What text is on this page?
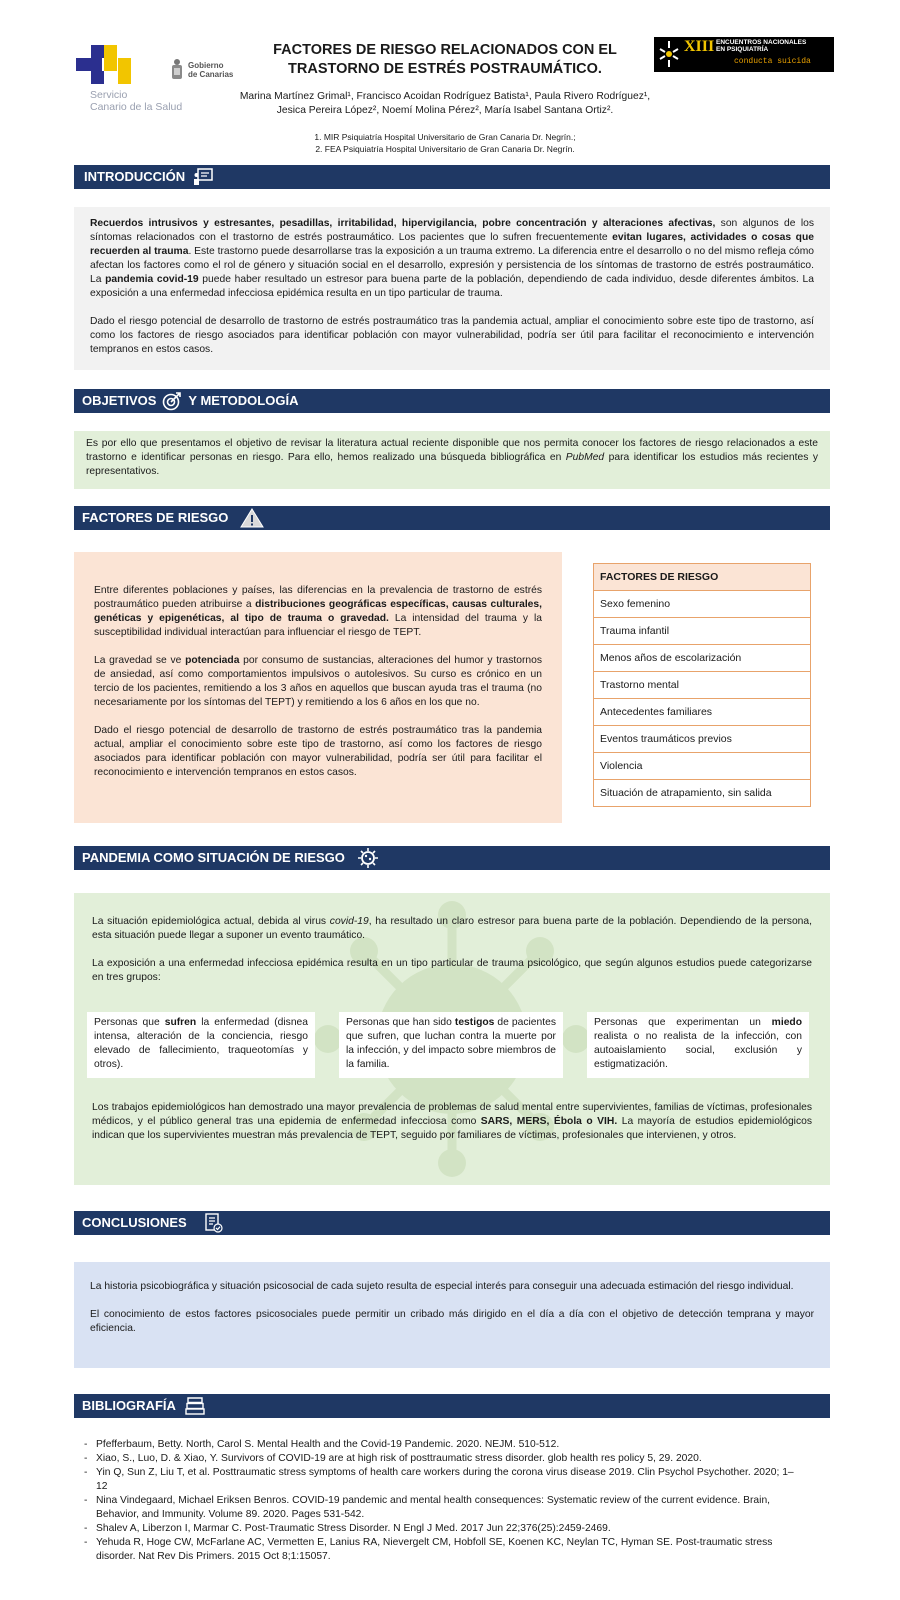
Servicio
Canario de la Salud
Gobierno
de Canarias
FACTORES DE RIESGO RELACIONADOS CON EL
TRASTORNO DE ESTRÉS POSTRAUMÁTICO.
Marina Martínez Grimal¹, Francisco Acoidan Rodríguez Batista¹, Paula Rivero Rodríguez¹,
Jesica Pereira López², Noemí Molina Pérez², María Isabel Santana Ortiz².
1. MIR Psiquiatría Hospital Universitario de Gran Canaria Dr. Negrín.;
2. FEA Psiquiatría Hospital Universitario de Gran Canaria Dr. Negrín.
XIII ENCUENTROS NACIONALES
EN PSIQUIATRÍA
conducta suicida
INTRODUCCIÓN

Recuerdos intrusivos y estresantes, pesadillas, irritabilidad, hipervigilancia, pobre concentración y alteraciones afectivas, son algunos de los síntomas relacionados con el trastorno de estrés postraumático. Los pacientes que lo sufren frecuentemente evitan lugares, actividades o cosas que recuerden al trauma. Este trastorno puede desarrollarse tras la exposición a un trauma extremo. La diferencia entre el desarrollo o no del mismo refleja cómo afectan los factores como el rol de género y situación social en el desarrollo, expresión y persistencia de los síntomas de trastorno de estrés postraumático. La pandemia covid-19 puede haber resultado un estresor para buena parte de la población, dependiendo de cada individuo, desde diferentes ámbitos. La exposición a una enfermedad infecciosa epidémica resulta en un tipo particular de trauma.

Dado el riesgo potencial de desarrollo de trastorno de estrés postraumático tras la pandemia actual, ampliar el conocimiento sobre este tipo de trastorno, así como los factores de riesgo asociados para identificar población con mayor vulnerabilidad, podría ser útil para facilitar el reconocimiento e intervención tempranos en estos casos.

OBJETIVOS Y METODOLOGÍA

Es por ello que presentamos el objetivo de revisar la literatura actual reciente disponible que nos permita conocer los factores de riesgo relacionados a este trastorno e identificar personas en riesgo. Para ello, hemos realizado una búsqueda bibliográfica en PubMed para identificar los estudios más recientes y representativos.

FACTORES DE RIESGO

Entre diferentes poblaciones y países, las diferencias en la prevalencia de trastorno de estrés postraumático pueden atribuirse a distribuciones geográficas específicas, causas culturales, genéticas y epigenéticas, al tipo de trauma o gravedad. La intensidad del trauma y la susceptibilidad individual interactúan para influenciar el riesgo de TEPT.

La gravedad se ve potenciada por consumo de sustancias, alteraciones del humor y trastornos de ansiedad, así como comportamientos impulsivos o autolesivos. Su curso es crónico en un tercio de los pacientes, remitiendo a los 3 años en aquellos que buscan ayuda tras el trauma (no necesariamente por los síntomas del TEPT) y remitiendo a los 6 años en los que no.

Dado el riesgo potencial de desarrollo de trastorno de estrés postraumático tras la pandemia actual, ampliar el conocimiento sobre este tipo de trastorno, así como los factores de riesgo asociados para identificar población con mayor vulnerabilidad, podría ser útil para facilitar el reconocimiento e intervención tempranos en estos casos.

FACTORES DE RIESGO
Sexo femenino
Trauma infantil
Menos años de escolarización
Trastorno mental
Antecedentes familiares
Eventos traumáticos previos
Violencia
Situación de atrapamiento, sin salida
PANDEMIA COMO SITUACIÓN DE RIESGO

La situación epidemiológica actual, debida al virus covid-19, ha resultado un claro estresor para buena parte de la población. Dependiendo de la persona, esta situación puede llegar a suponer un evento traumático.

La exposición a una enfermedad infecciosa epidémica resulta en un tipo particular de trauma psicológico, que según algunos estudios puede categorizarse en tres grupos:

Los trabajos epidemiológicos han demostrado una mayor prevalencia de problemas de salud mental entre supervivientes, familias de víctimas, profesionales médicos, y el público general tras una epidemia de enfermedad infecciosa como SARS, MERS, Ébola o VIH. La mayoría de estudios epidemiológicos indican que los supervivientes muestran más prevalencia de TEPT, seguido por familiares de víctimas, profesionales que intervienen, y otros.

Personas que sufren la enfermedad (disnea intensa, alteración de la conciencia, riesgo elevado de fallecimiento, traqueotomías y otros).
Personas que han sido testigos de pacientes que sufren, que luchan contra la muerte por la infección, y del impacto sobre miembros de la familia.
Personas que experimentan un miedo realista o no realista de la infección, con autoaislamiento social, exclusión y estigmatización.
CONCLUSIONES

La historia psicobiográfica y situación psicosocial de cada sujeto resulta de especial interés para conseguir una adecuada estimación del riesgo individual.

El conocimiento de estos factores psicosociales puede permitir un cribado más dirigido en el día a día con el objetivo de detección temprana y mayor eficiencia.

BIBLIOGRAFÍA
- Pfefferbaum, Betty. North, Carol S. Mental Health and the Covid-19 Pandemic. 2020. NEJM. 510-512.
- Xiao, S., Luo, D. & Xiao, Y. Survivors of COVID-19 are at high risk of posttraumatic stress disorder. glob health res policy 5, 29. 2020.
- Yin Q, Sun Z, Liu T, et al. Posttraumatic stress symptoms of health care workers during the corona virus disease 2019. Clin Psychol Psychother. 2020; 1–12
- Nina Vindegaard, Michael Eriksen Benros. COVID-19 pandemic and mental health consequences: Systematic review of the current evidence. Brain, Behavior, and Immunity. Volume 89. 2020. Pages 531-542.
- Shalev A, Liberzon I, Marmar C. Post-Traumatic Stress Disorder. N Engl J Med. 2017 Jun 22;376(25):2459-2469.
- Yehuda R, Hoge CW, McFarlane AC, Vermetten E, Lanius RA, Nievergelt CM, Hobfoll SE, Koenen KC, Neylan TC, Hyman SE. Post-traumatic stress disorder. Nat Rev Dis Primers. 2015 Oct 8;1:15057.
